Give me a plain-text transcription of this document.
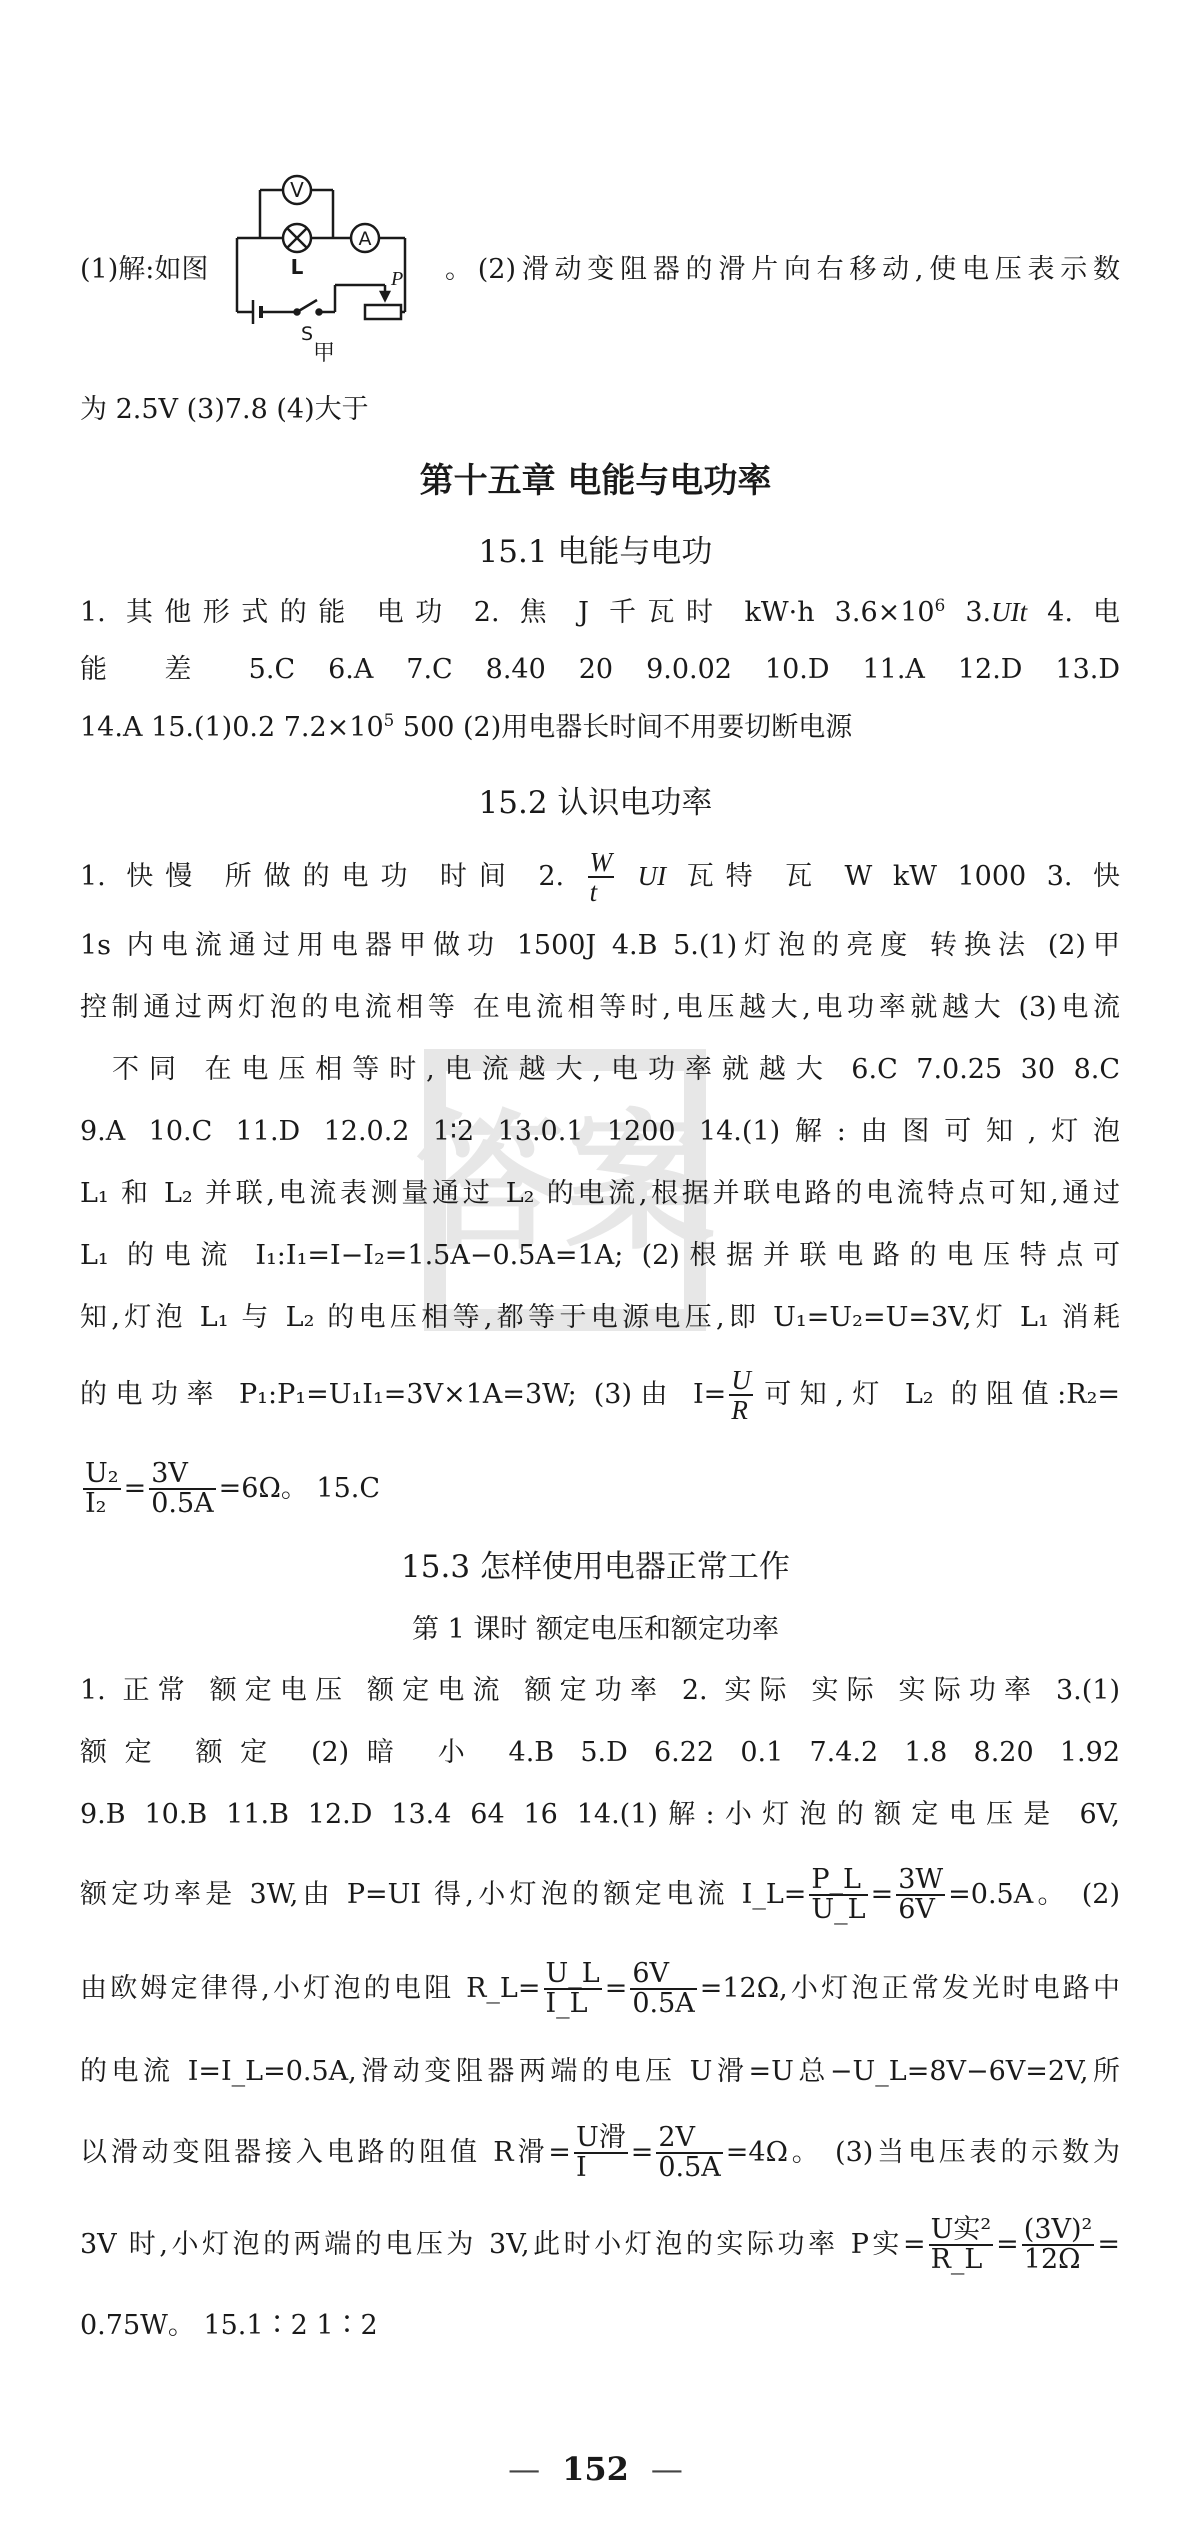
答案
V
A
L	P
S
甲
(1)解:如图	。(2)滑动变阻器的滑片向右移动,使电压表示数
为 2.5V (3)7.8 (4)大于
第十五章 电能与电功率
15.1 电能与电功
1. 其他形式的能 电功 2. 焦 J 千瓦时 kW·h $3.6\times 10^6$ 3.UIt 4. 电
能 差 5.C 6.A 7.C 8.40 20 9.0.02 10.D 11.A 12.D 13.D
14.A 15.(1)0.2 $7.2\times 10^5$ 500 (2)用电器长时间不用要切断电源
15.2 认识电功率
1. 快慢 所做的电功 时间 2. $\frac{W}{t}$ UI 瓦特 瓦 W kW 1000 3. 快
1s 内电流通过用电器甲做功 1500J 4.B 5.(1)灯泡的亮度 转换法 (2)甲
控制通过两灯泡的电流相等 在电流相等时,电压越大,电功率就越大 (3)电流
不同 在电压相等时,电流越大,电功率就越大 6.C 7.0.25 30 8.C
9.A 10.C 11.D 12.0.2 1∶2 13.0.1 1200 14.(1)解:由图可知,灯泡
L₁ 和 L₂ 并联,电流表测量通过 L₂ 的电流,根据并联电路的电流特点可知,通过
L₁ 的电流 I₁:I₁=I−I₂=1.5A−0.5A=1A; (2)根据并联电路的电压特点可
知,灯泡 L₁ 与 L₂ 的电压相等,都等于电源电压,即 U₁=U₂=U=3V,灯 L₁ 消耗
的电功率 P₁:P₁=U₁I₁=3V×1A=3W; (3)由 $I= \frac{U}{R}$ 可知,灯 L₂ 的阻值:R₂=
$\frac{\text{U₂}}{\text{I₂}} = \frac{3V}{0.5A} =6\Omega$。 15.C
15.3 怎样使用电器正常工作
第 1 课时 额定电压和额定功率
1. 正常 额定电压 额定电流 额定功率 2. 实际 实际 实际功率 3.(1)
额定 额定 (2)暗 小 4.B 5.D 6.22 0.1 7.4.2 1.8 8.20 1.92
9.B 10.B 11.B 12.D 13.4 64 16 14.(1)解:小灯泡的额定电压是 6V,
额定功率是 3W,由 P=UI 得,小灯泡的额定电流 I_L= $\frac{P\_L}{U\_L} = \frac{3W}{6V} =0.5A$。 (2)
由欧姆定律得,小灯泡的电阻 R_L= $\frac{U\_L}{I\_L} = \frac{6V}{0.5A} =12\Omega$,小灯泡正常发光时电路中
的电流 I=I_L=0.5A,滑动变阻器两端的电压 U滑=U总−U_L=8V−6V=2V,所
以滑动变阻器接入电路的阻值 R滑= $\frac{\text{U滑}}{I} = \frac{2V}{0.5A} =4\Omega$。 (3)当电压表的示数为
3V 时,小灯泡的两端的电压为 3V,此时小灯泡的实际功率 P实= $\frac{\text{U实²}}{R\_L} = \frac{\text{(3V)²}}{12\Omega}$ =
0.75W。 15.1∶2 1∶2
— 152 —
